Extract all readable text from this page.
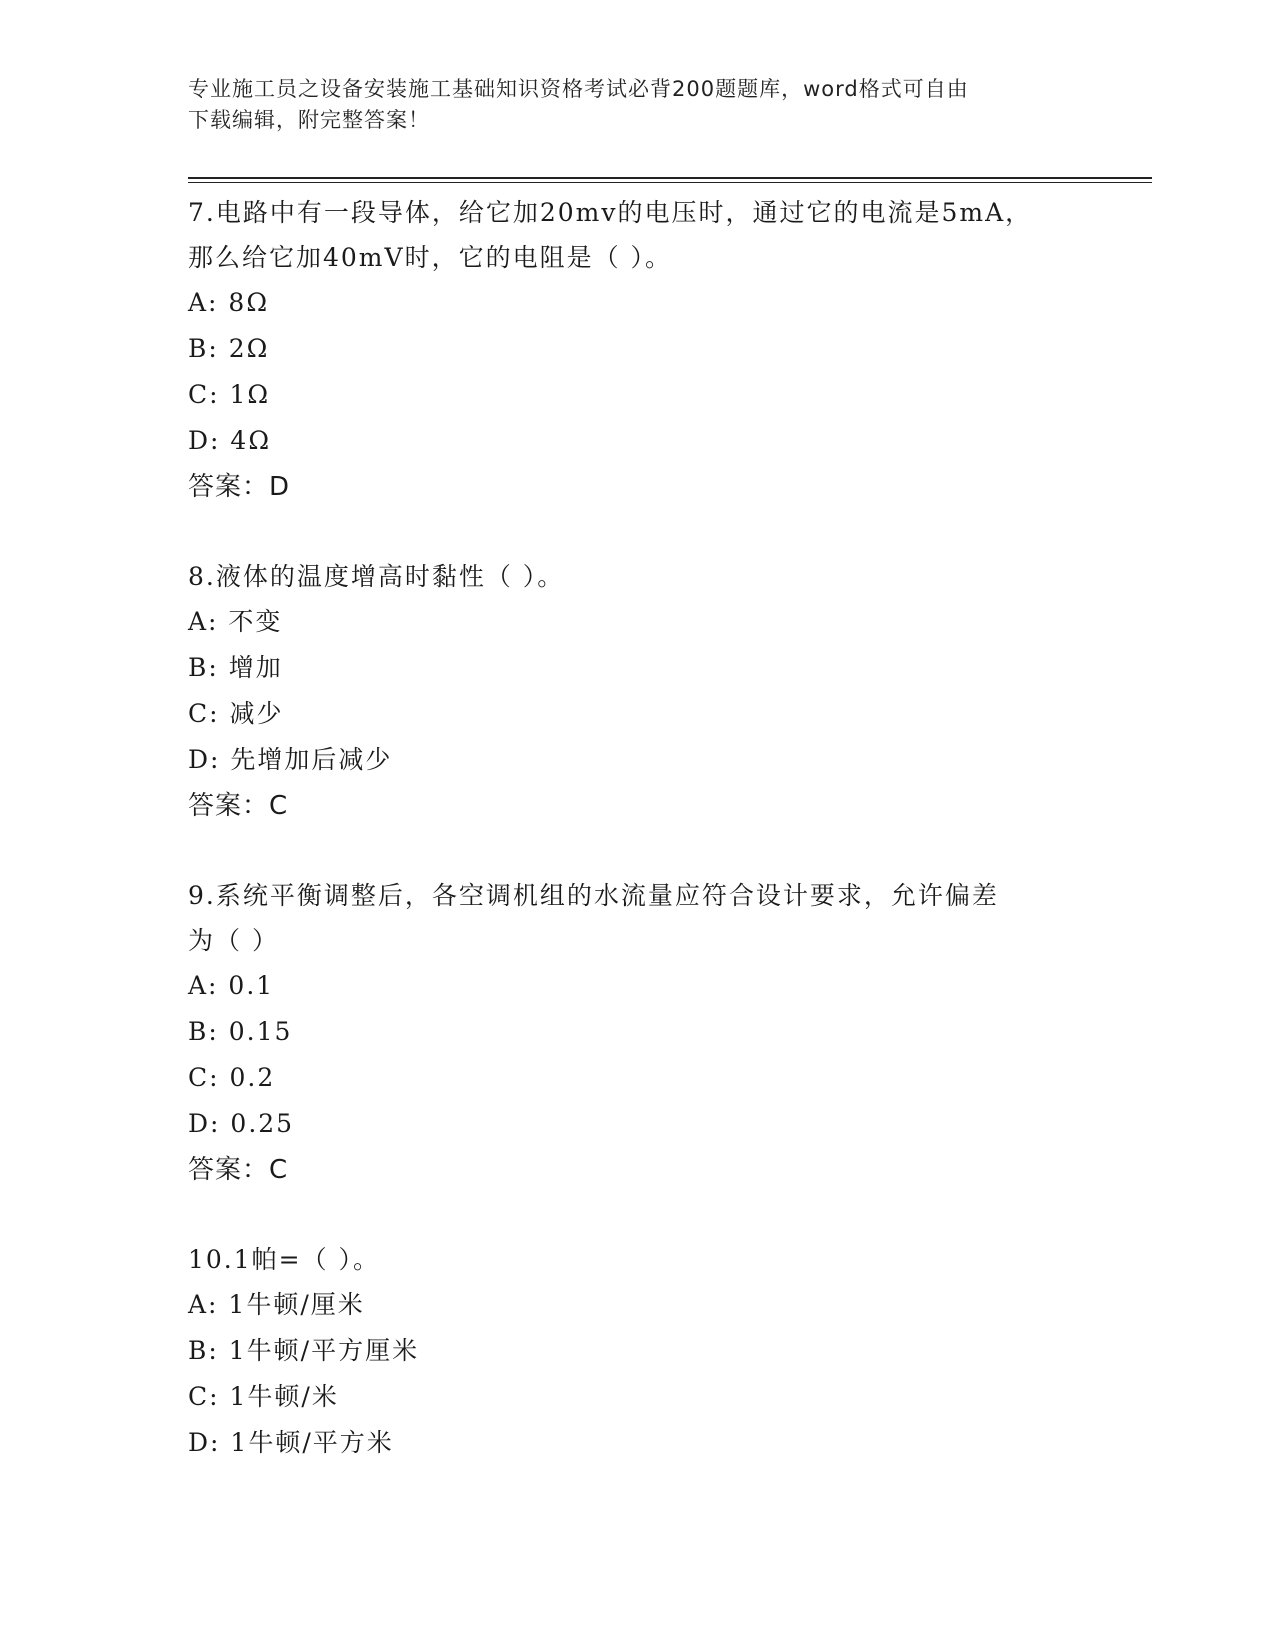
专业施工员之设备安装施工基础知识资格考试必背200题题库，word格式可自由
下载编辑，附完整答案！

7.电路中有一段导体，给它加20mv的电压时，通过它的电流是5mA，

那么给它加40mV时，它的电阻是（ ）。

A: 8Ω

B: 2Ω

C: 1Ω

D: 4Ω

答案：D

8.液体的温度增高时黏性（ ）。

A: 不变

B: 增加

C: 减少

D: 先增加后减少

答案：C

9.系统平衡调整后，各空调机组的水流量应符合设计要求，允许偏差

为（ ）

A: 0.1

B: 0.15

C: 0.2

D: 0.25

答案：C

10.1帕=（ ）。

A: 1牛顿/厘米

B: 1牛顿/平方厘米

C: 1牛顿/米

D: 1牛顿/平方米
